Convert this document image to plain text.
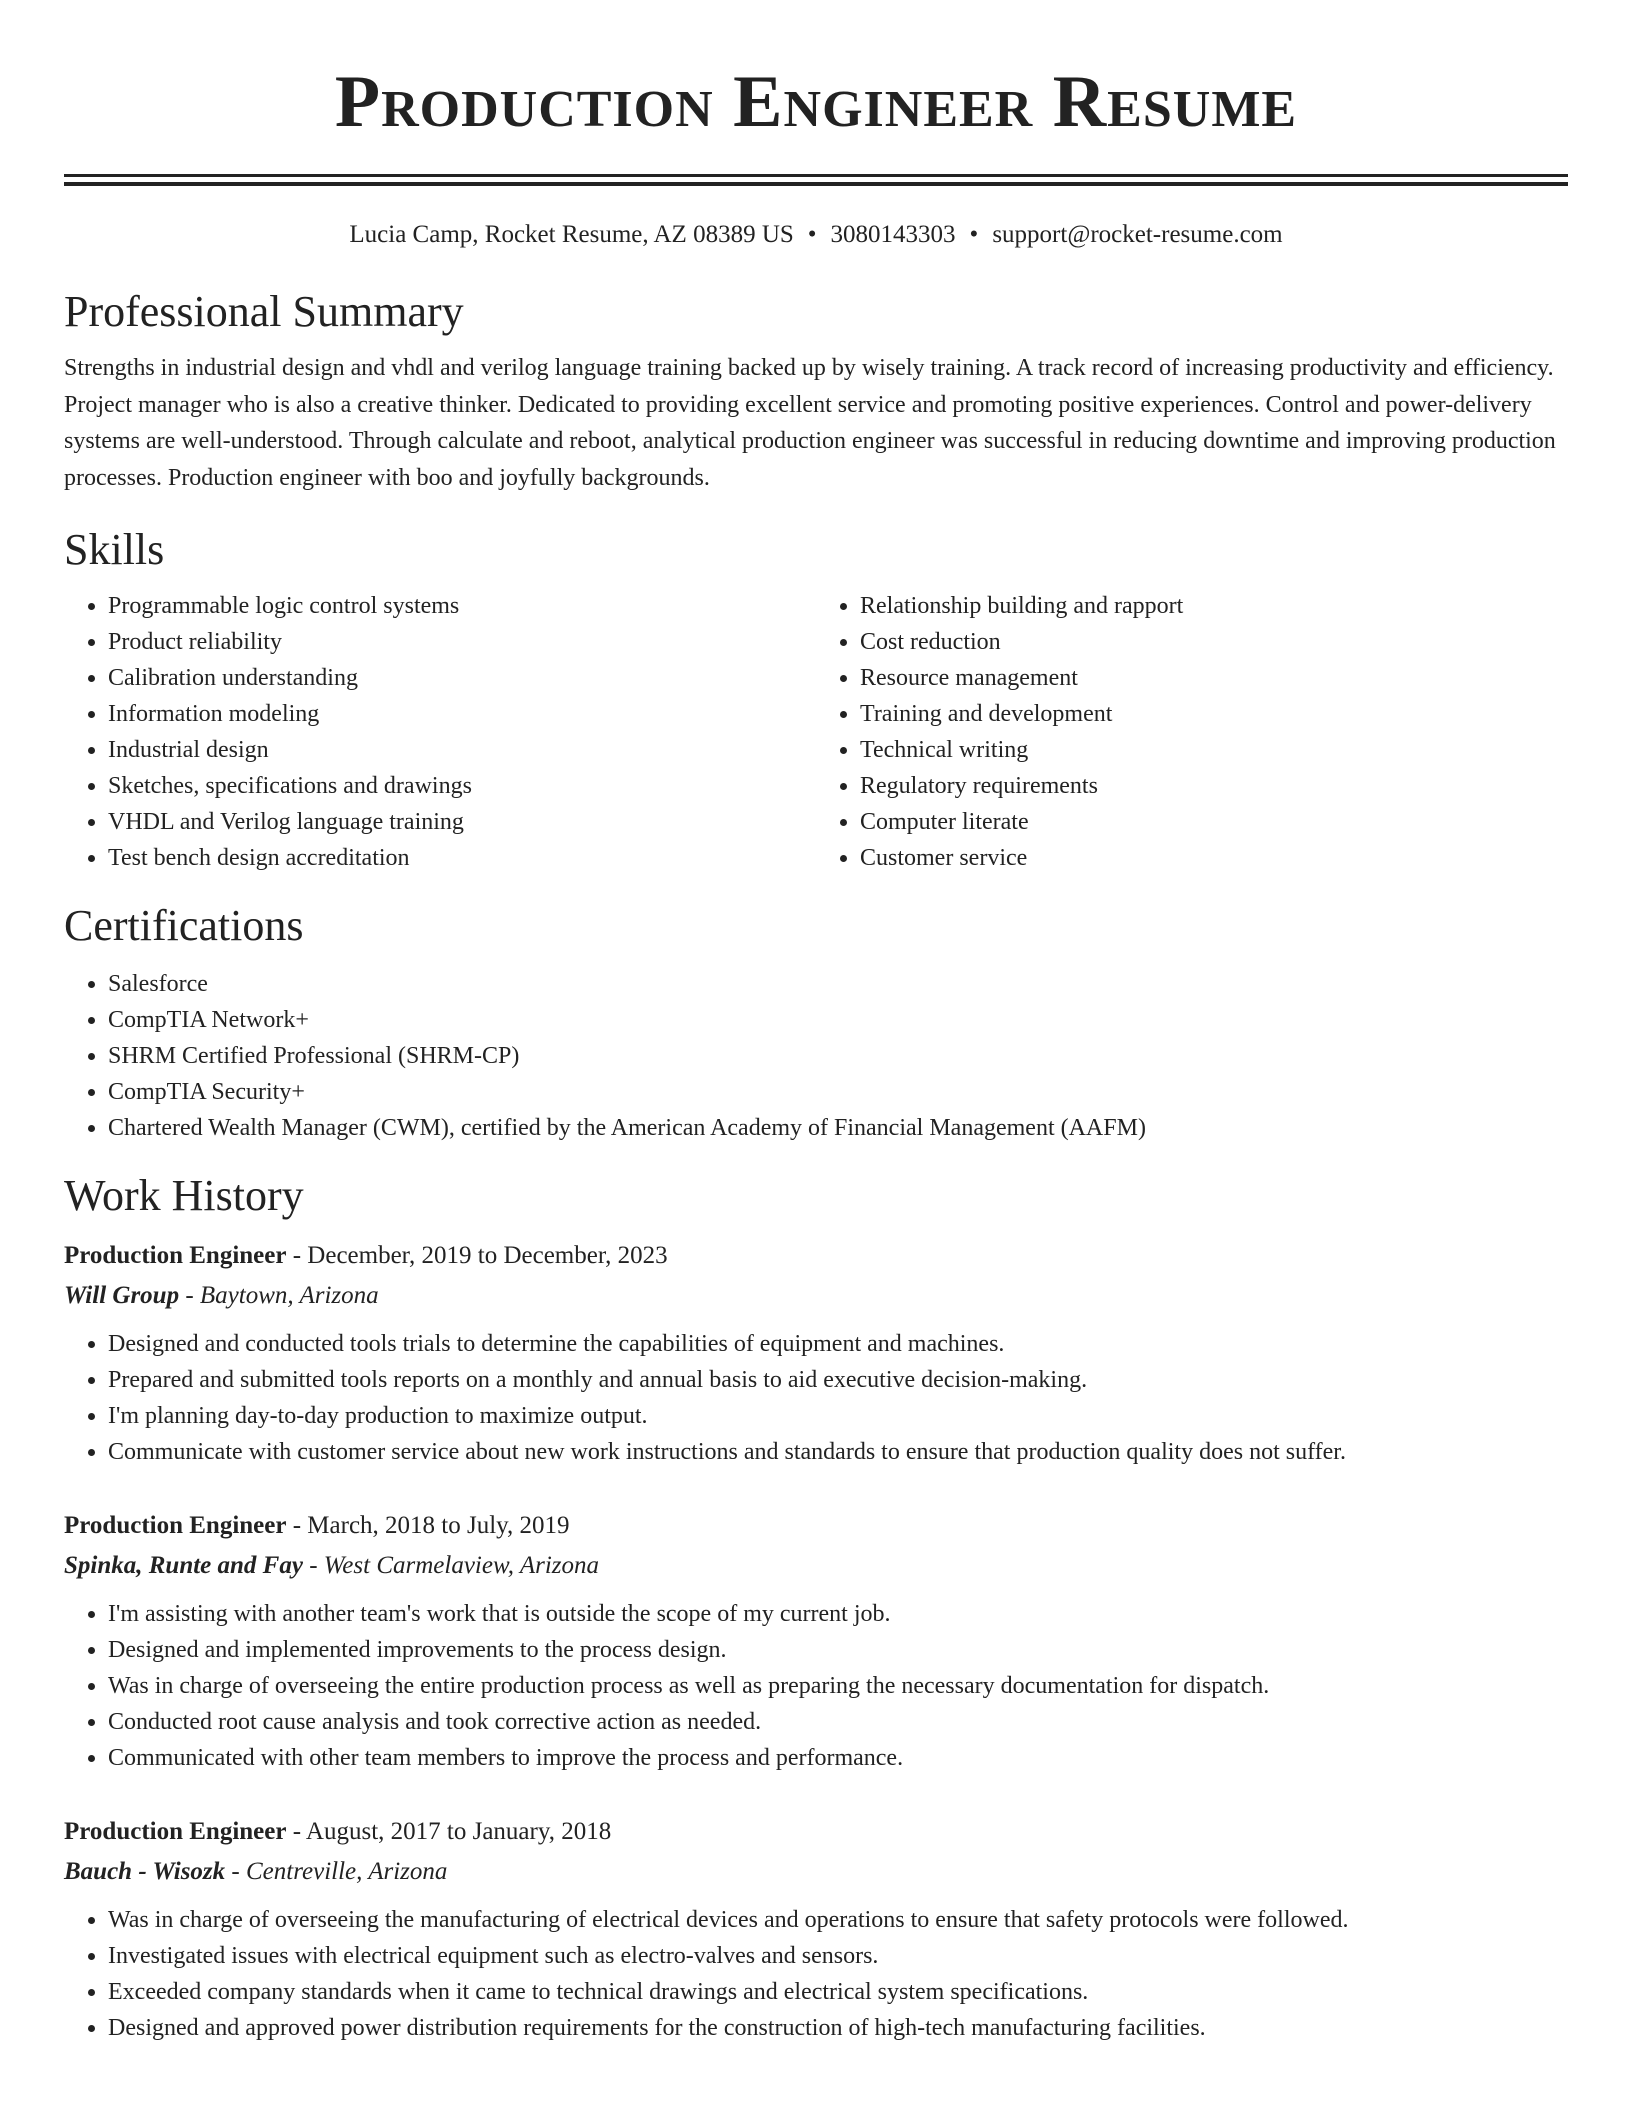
Production Engineer Resume
Lucia Camp, Rocket Resume, AZ 08389 US • 3080143303 • support@rocket-resume.com
Professional Summary
Strengths in industrial design and vhdl and verilog language training backed up by wisely training. A track record of increasing productivity and efficiency. Project manager who is also a creative thinker. Dedicated to providing excellent service and promoting positive experiences. Control and power-delivery systems are well-understood. Through calculate and reboot, analytical production engineer was successful in reducing downtime and improving production processes. Production engineer with boo and joyfully backgrounds.
Skills
• Programmable logic control systems
• Product reliability
• Calibration understanding
• Information modeling
• Industrial design
• Sketches, specifications and drawings
• VHDL and Verilog language training
• Test bench design accreditation
• Relationship building and rapport
• Cost reduction
• Resource management
• Training and development
• Technical writing
• Regulatory requirements
• Computer literate
• Customer service
Certifications
• Salesforce
• CompTIA Network+
• SHRM Certified Professional (SHRM-CP)
• CompTIA Security+
• Chartered Wealth Manager (CWM), certified by the American Academy of Financial Management (AAFM)
Work History
Production Engineer - December, 2019 to December, 2023
Will Group - Baytown, Arizona
• Designed and conducted tools trials to determine the capabilities of equipment and machines.
• Prepared and submitted tools reports on a monthly and annual basis to aid executive decision-making.
• I'm planning day-to-day production to maximize output.
• Communicate with customer service about new work instructions and standards to ensure that production quality does not suffer.
Production Engineer - March, 2018 to July, 2019
Spinka, Runte and Fay - West Carmelaview, Arizona
• I'm assisting with another team's work that is outside the scope of my current job.
• Designed and implemented improvements to the process design.
• Was in charge of overseeing the entire production process as well as preparing the necessary documentation for dispatch.
• Conducted root cause analysis and took corrective action as needed.
• Communicated with other team members to improve the process and performance.
Production Engineer - August, 2017 to January, 2018
Bauch - Wisozk - Centreville, Arizona
• Was in charge of overseeing the manufacturing of electrical devices and operations to ensure that safety protocols were followed.
• Investigated issues with electrical equipment such as electro-valves and sensors.
• Exceeded company standards when it came to technical drawings and electrical system specifications.
• Designed and approved power distribution requirements for the construction of high-tech manufacturing facilities.
